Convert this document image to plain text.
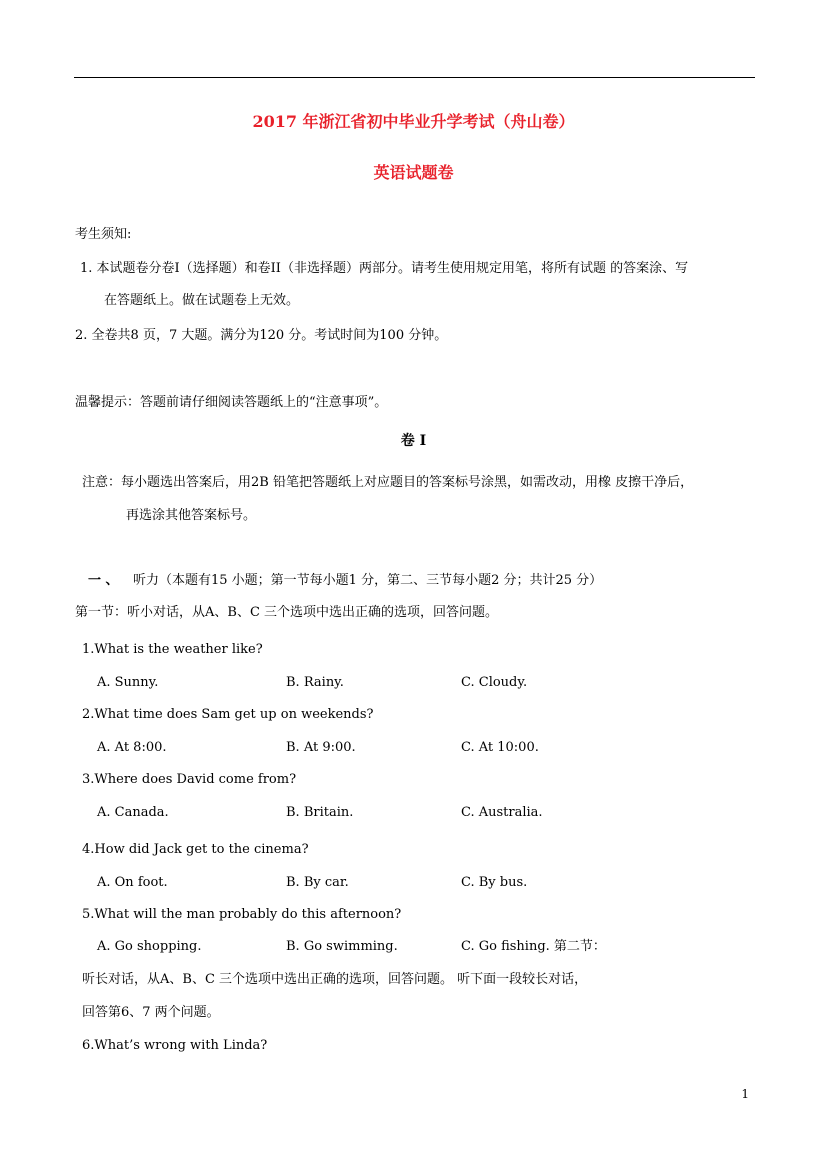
2017 年浙江省初中毕业升学考试（舟山卷）
英语试题卷
考生须知:
1. 本试题卷分卷I（选择题）和卷II（非选择题）两部分。请考生使用规定用笔，将所有试题 的答案涂、写
在答题纸上。做在试题卷上无效。
2. 全卷共8 页，7 大题。满分为120 分。考试时间为100 分钟。
温馨提示：答题前请仔细阅读答题纸上的“注意事项”。
卷 I
注意：每小题选出答案后，用2B 铅笔把答题纸上对应题目的答案标号涂黑，如需改动，用橡 皮擦干净后，
再选涂其他答案标号。
一 、 听力（本题有15 小题；第一节每小题1 分，第二、三节每小题2 分；共计25 分）
第一节：听小对话，从A、B、C 三个选项中选出正确的选项，回答问题。
1.What is the weather like?
A. Sunny.	B. Rainy.	C. Cloudy.
2.What time does Sam get up on weekends?
A. At 8:00.	B. At 9:00.	C. At 10:00.
3.Where does David come from?
A. Canada.	B. Britain.	C. Australia.
4.How did Jack get to the cinema?
A. On foot.	B. By car.	C. By bus.
5.What will the man probably do this afternoon?
A. Go shopping.	B. Go swimming.	C. Go fishing. 第二节：
听长对话，从A、B、C 三个选项中选出正确的选项，回答问题。 听下面一段较长对话，
回答第6、7 两个问题。
6.What’s wrong with Linda?
1
